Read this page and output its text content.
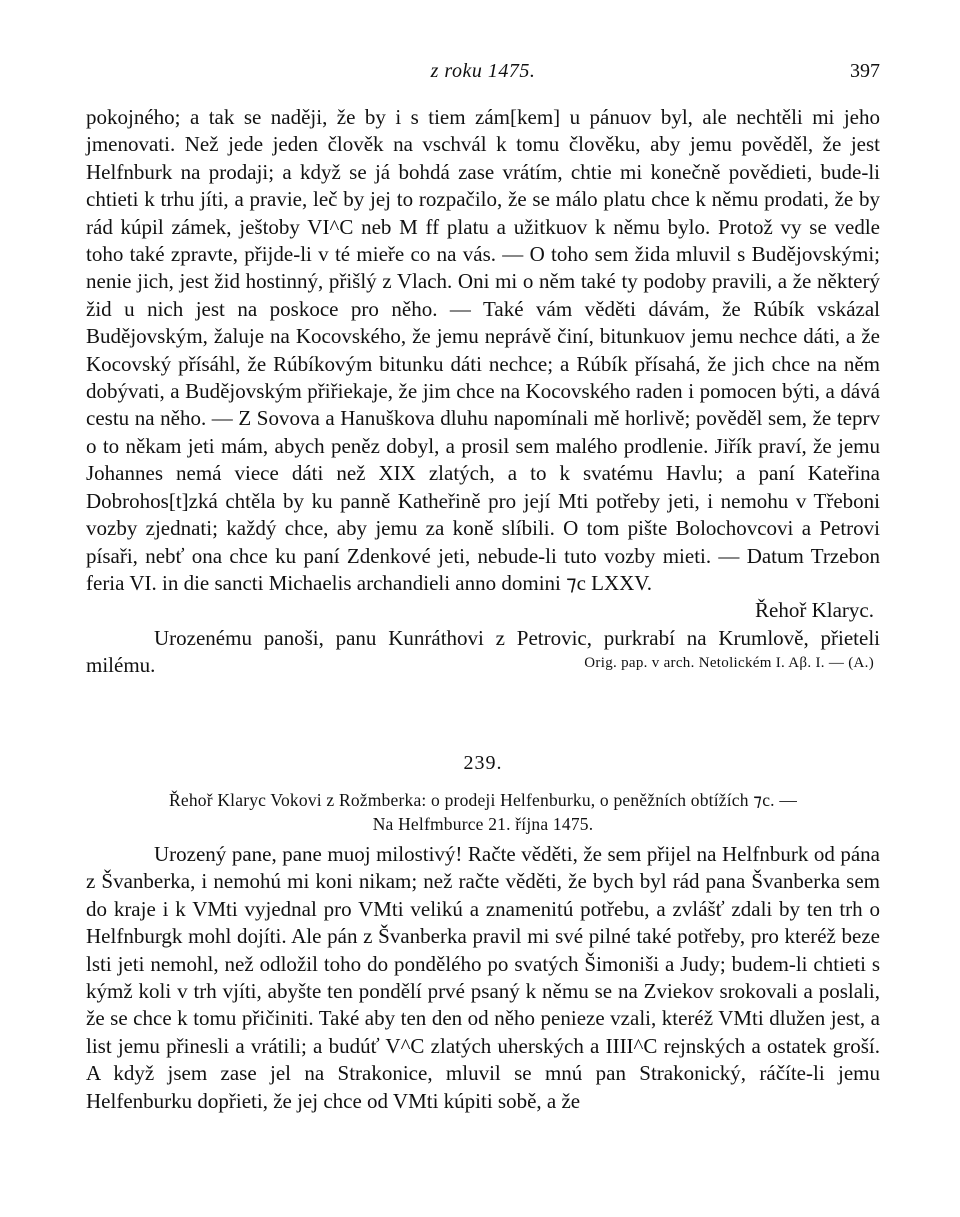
z roku 1475.	397

pokojného; a tak se naději, že by i s tiem zám[kem] u pánuov byl, ale nechtěli mi jeho jmenovati. Než jede jeden člověk na vschvál k tomu člověku, aby jemu pověděl, že jest Helfnburk na prodaji; a když se já bohdá zase vrátím, chtie mi konečně povědieti, bude-li chtieti k trhu jíti, a pravie, leč by jej to rozpačilo, že se málo platu chce k němu prodati, že by rád kúpil zámek, ještoby VI^C neb M ff platu a užitkuov k němu bylo. Protož vy se vedle toho také zpravte, přijde-li v té mieře co na vás. — O toho sem žida mluvil s Budějovskými; nenie jich, jest žid hostinný, přišlý z Vlach. Oni mi o něm také ty podoby pravili, a že některý žid u nich jest na poskoce pro něho. — Také vám věděti dávám, že Rúbík vskázal Budějovským, žaluje na Kocovského, že jemu neprávě činí, bitunkuov jemu nechce dáti, a že Kocovský přísáhl, že Rúbíkovým bitunku dáti nechce; a Rúbík přísahá, že jich chce na něm dobývati, a Budějovským přiřiekaje, že jim chce na Kocovského raden i pomocen býti, a dává cestu na něho. — Z Sovova a Hanuškova dluhu napomínali mě horlivě; pověděl sem, že teprv o to někam jeti mám, abych peněz dobyl, a prosil sem malého prodlenie. Jiřík praví, že jemu Johannes nemá viece dáti než XIX zlatých, a to k svatému Havlu; a paní Kateřina Dobrohos[t]zká chtěla by ku panně Katheřině pro její Mti potřeby jeti, i nemohu v Třeboni vozby zjednati; každý chce, aby jemu za koně slíbili. O tom pište Bolochovcovi a Petrovi písaři, nebť ona chce ku paní Zdenkové jeti, nebude-li tuto vozby mieti. — Datum Trzebon feria VI. in die sancti Michaelis archandieli anno domini ⁊c LXXV.

Řehoř Klaryc.

Urozenému panoši, panu Kunráthovi z Petrovic, purkrabí na Krumlově, přieteli milému.	Orig. pap. v arch. Netolickém I. Aβ. I. — (A.)
239.
Řehoř Klaryc Vokovi z Rožmberka: o prodeji Helfenburku, o peněžních obtížích ⁊c. —
Na Helfmburce 21. října 1475.

Urozený pane, pane muoj milostivý! Račte věděti, že sem přijel na Helfnburk od pána z Švanberka, i nemohú mi koni nikam; než račte věděti, že bych byl rád pana Švanberka sem do kraje i k VMti vyjednal pro VMti velikú a znamenitú potřebu, a zvlášť zdali by ten trh o Helfnburgk mohl dojíti. Ale pán z Švanberka pravil mi své pilné také potřeby, pro kteréž beze lsti jeti nemohl, než odložil toho do pondělého po svatých Šimoniši a Judy; budem-li chtieti s kýmž koli v trh vjíti, abyšte ten pondělí prvé psaný k němu se na Zviekov srokovali a poslali, že se chce k tomu přičiniti. Také aby ten den od něho penieze vzali, kteréž VMti dlužen jest, a list jemu přinesli a vrátili; a budúť V^C zlatých uherských a IIII^C rejnských a ostatek groší. A když jsem zase jel na Strakonice, mluvil se mnú pan Strakonický, ráčíte-li jemu Helfenburku dopřieti, že jej chce od VMti kúpiti sobě, a že
